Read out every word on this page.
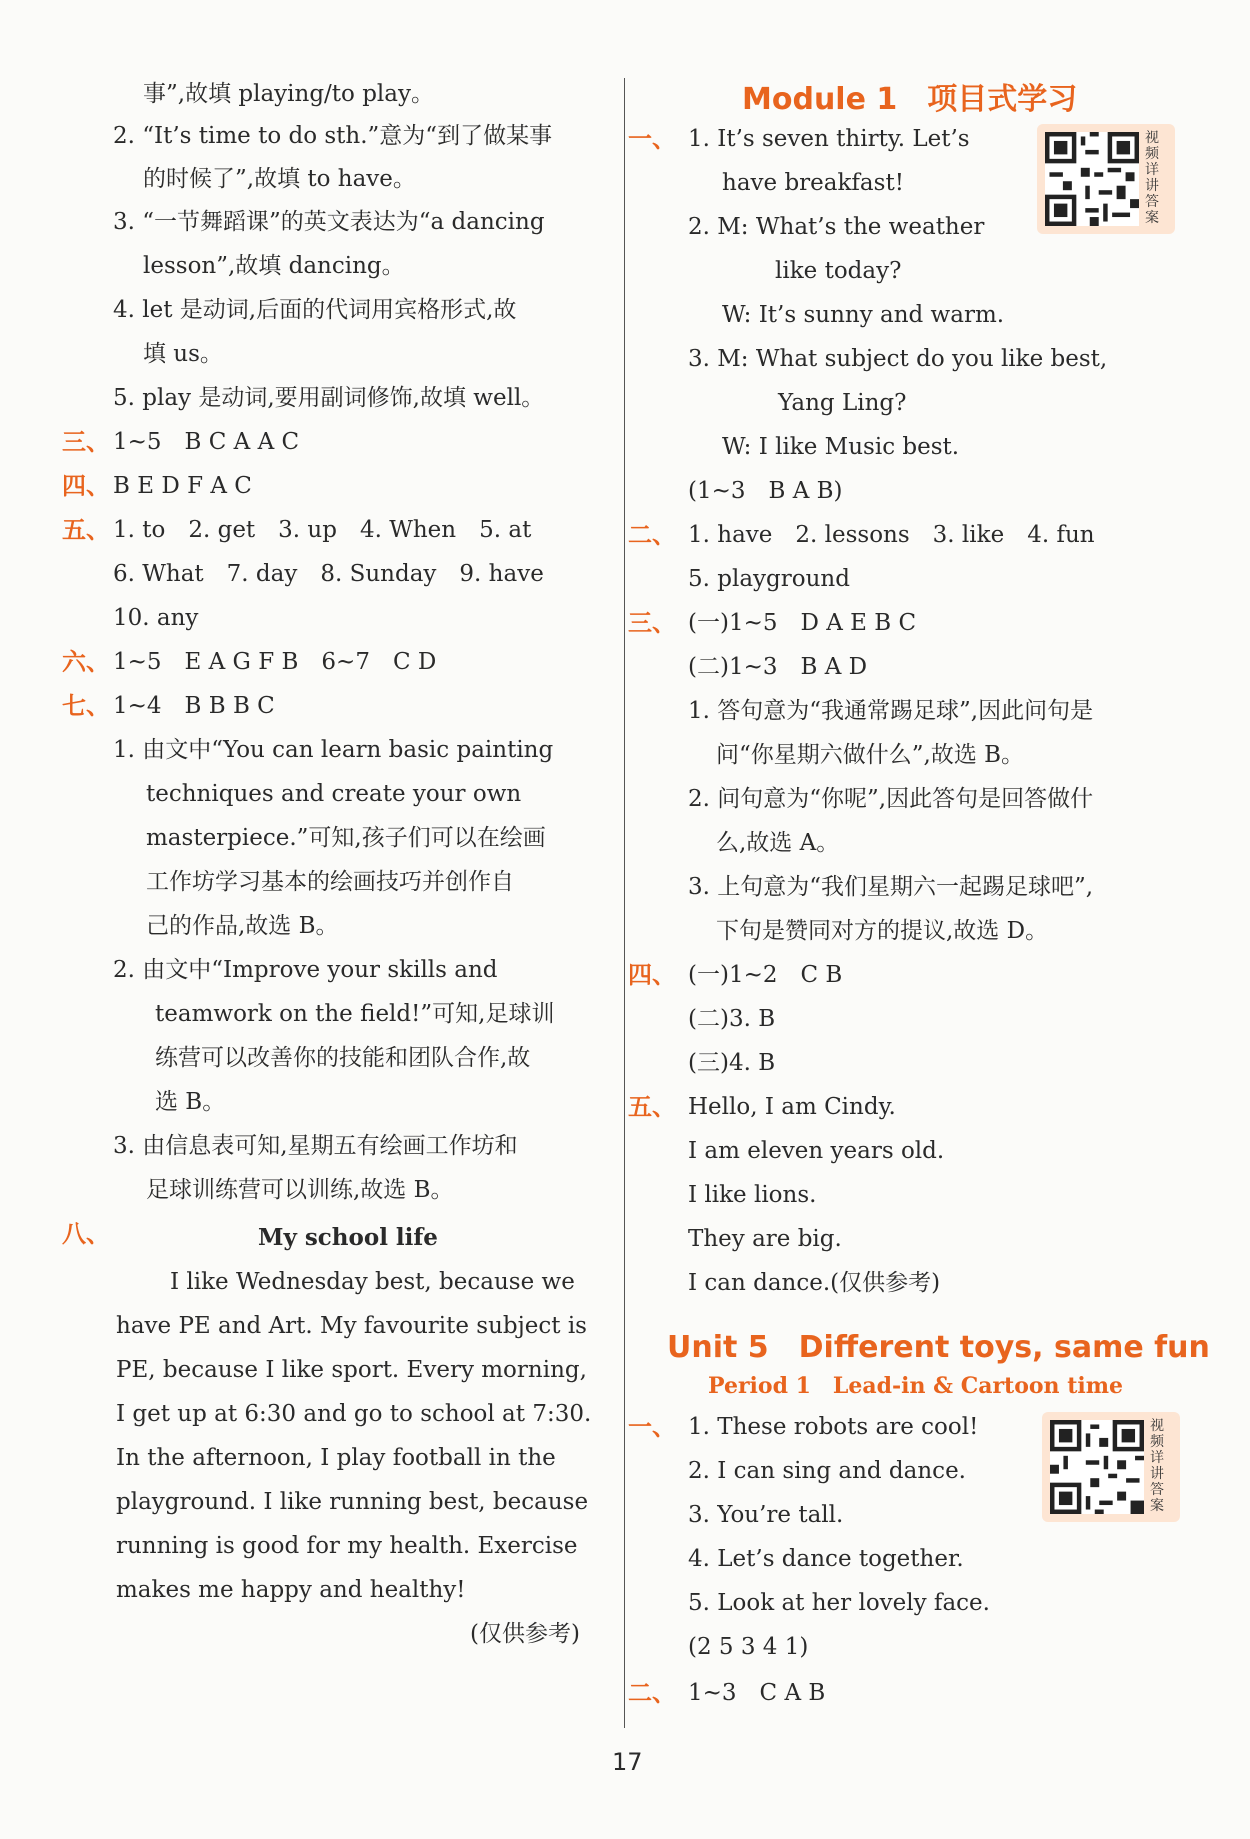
事”,故填 playing/to play。
2. “It’s time to do sth.”意为“到了做某事
的时候了”,故填 to have。
3. “一节舞蹈课”的英文表达为“a dancing
lesson”,故填 dancing。
4. let 是动词,后面的代词用宾格形式,故
填 us。
5. play 是动词,要用副词修饰,故填 well。
三、 1~5　B C A A C
四、 B E D F A C
五、 1. to　2. get　3. up　4. When　5. at
6. What　7. day　8. Sunday　9. have
10. any
六、 1~5　E A G F B　6~7　C D
七、 1~4　B B B C
1. 由文中“You can learn basic painting
techniques and create your own
masterpiece.”可知,孩子们可以在绘画
工作坊学习基本的绘画技巧并创作自
己的作品,故选 B。
2. 由文中“Improve your skills and
teamwork on the field!”可知,足球训
练营可以改善你的技能和团队合作,故
选 B。
3. 由信息表可知,星期五有绘画工作坊和
足球训练营可以训练,故选 B。
八、	My school life
I like Wednesday best, because we
have PE and Art. My favourite subject is
PE, because I like sport. Every morning,
I get up at 6:30 and go to school at 7:30.
In the afternoon, I play football in the
playground. I like running best, because
running is good for my health. Exercise
makes me happy and healthy!
(仅供参考)
Module 1　项目式学习
一、 1. It’s seven thirty. Let’s
have breakfast!
2. M: What’s the weather
like today?
W: It’s sunny and warm.
3. M: What subject do you like best,
Yang Ling?
W: I like Music best.
(1~3　B A B)
视频详讲答案
二、 1. have　2. lessons　3. like　4. fun
5. playground
三、 (一)1~5　D A E B C
(二)1~3　B A D
1. 答句意为“我通常踢足球”,因此问句是
问“你星期六做什么”,故选 B。
2. 问句意为“你呢”,因此答句是回答做什
么,故选 A。
3. 上句意为“我们星期六一起踢足球吧”,
下句是赞同对方的提议,故选 D。
四、 (一)1~2　C B
(二)3. B
(三)4. B
五、 Hello, I am Cindy.
I am eleven years old.
I like lions.
They are big.
I can dance.(仅供参考)
Unit 5　Different toys, same fun
Period 1　Lead-in & Cartoon time
一、 1. These robots are cool!
2. I can sing and dance.
3. You’re tall.
4. Let’s dance together.
5. Look at her lovely face.
(2 5 3 4 1)
视频详讲答案
二、 1~3　C A B
17
